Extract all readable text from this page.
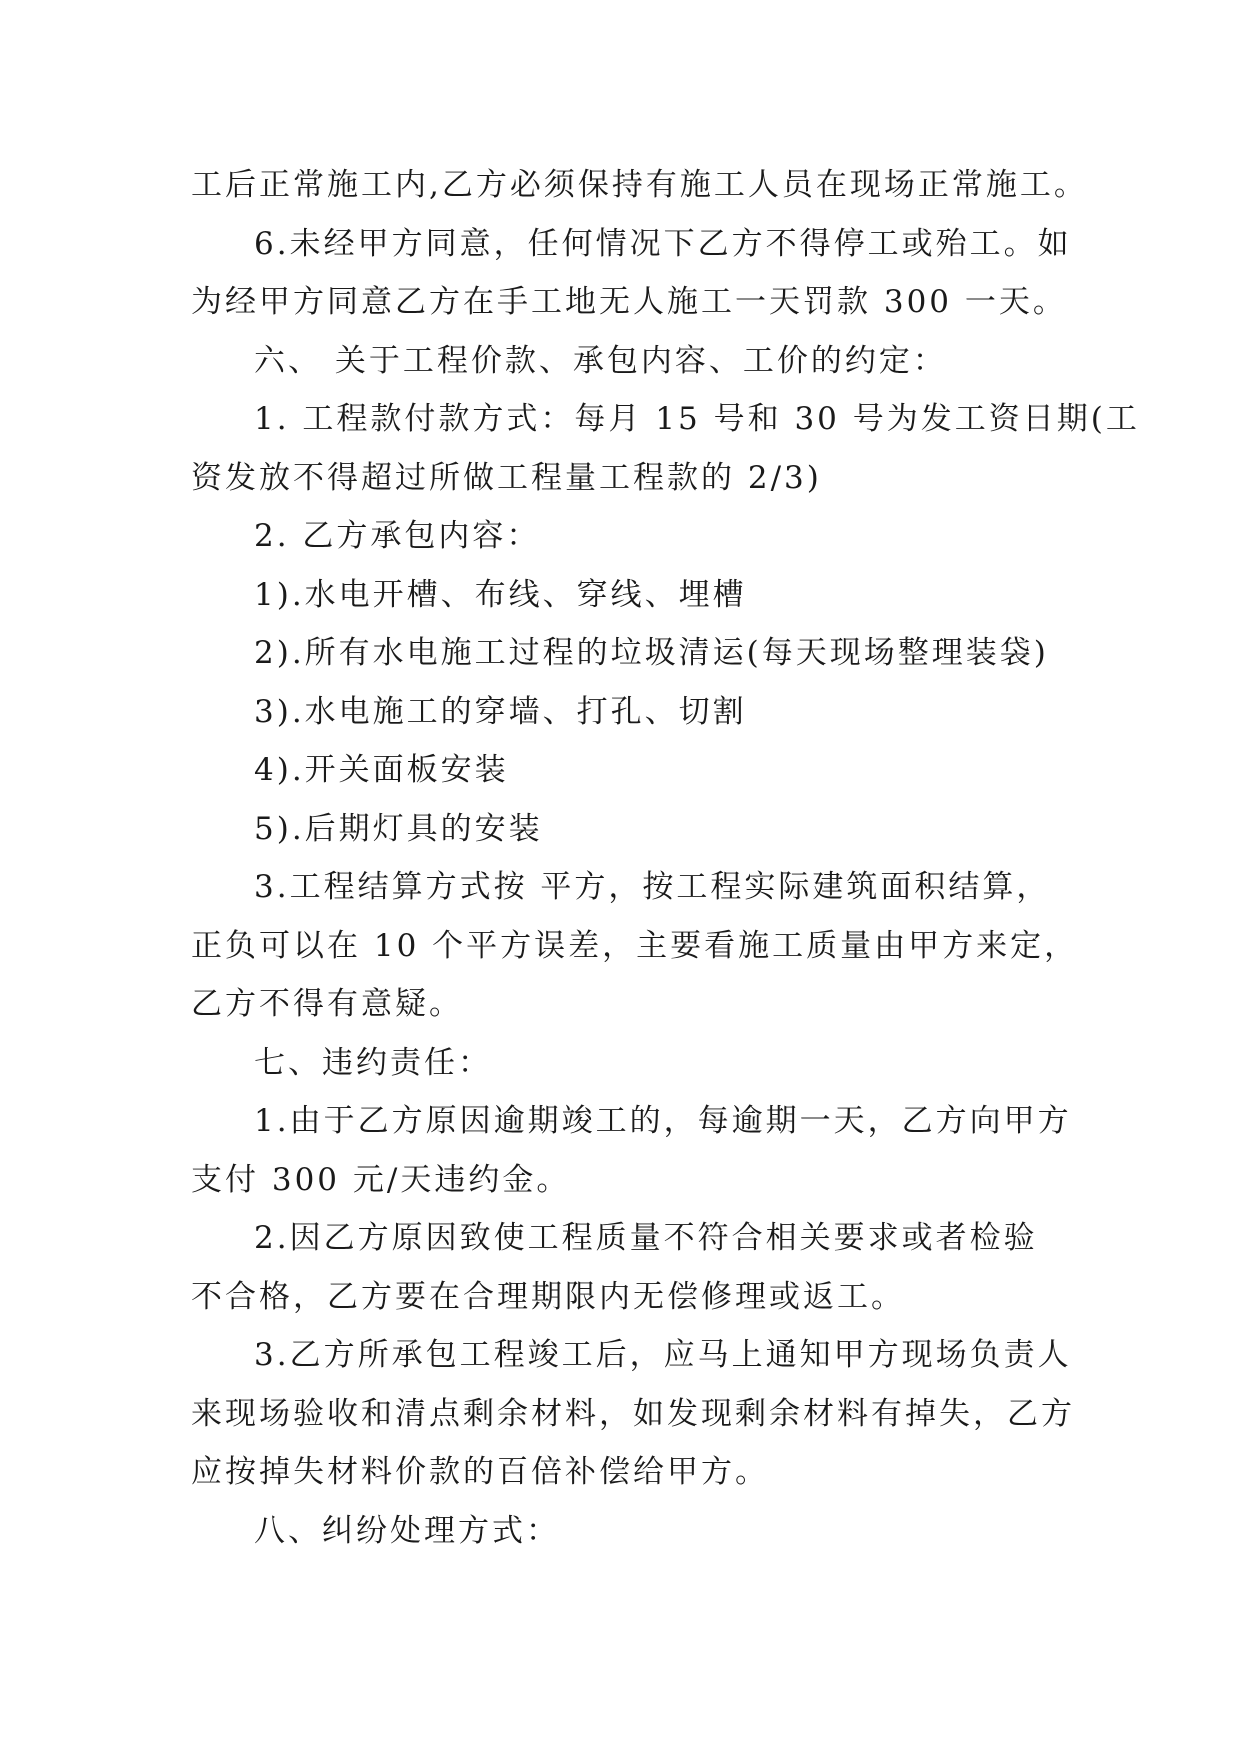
工后正常施工内,乙方必须保持有施工人员在现场正常施工。
6.未经甲方同意，任何情况下乙方不得停工或殆工。如
为经甲方同意乙方在手工地无人施工一天罚款 300 一天。
六、 关于工程价款、承包内容、工价的约定：
1. 工程款付款方式：每月 15 号和 30 号为发工资日期(工
资发放不得超过所做工程量工程款的 2/3)
2. 乙方承包内容：
1).水电开槽、布线、穿线、埋槽
2).所有水电施工过程的垃圾清运(每天现场整理装袋)
3).水电施工的穿墙、打孔、切割
4).开关面板安装
5).后期灯具的安装
3.工程结算方式按 平方，按工程实际建筑面积结算，
正负可以在 10 个平方误差，主要看施工质量由甲方来定，
乙方不得有意疑。
七、违约责任：
1.由于乙方原因逾期竣工的，每逾期一天，乙方向甲方
支付 300 元/天违约金。
2.因乙方原因致使工程质量不符合相关要求或者检验
不合格，乙方要在合理期限内无偿修理或返工。
3.乙方所承包工程竣工后，应马上通知甲方现场负责人
来现场验收和清点剩余材料，如发现剩余材料有掉失，乙方
应按掉失材料价款的百倍补偿给甲方。
八、纠纷处理方式：
